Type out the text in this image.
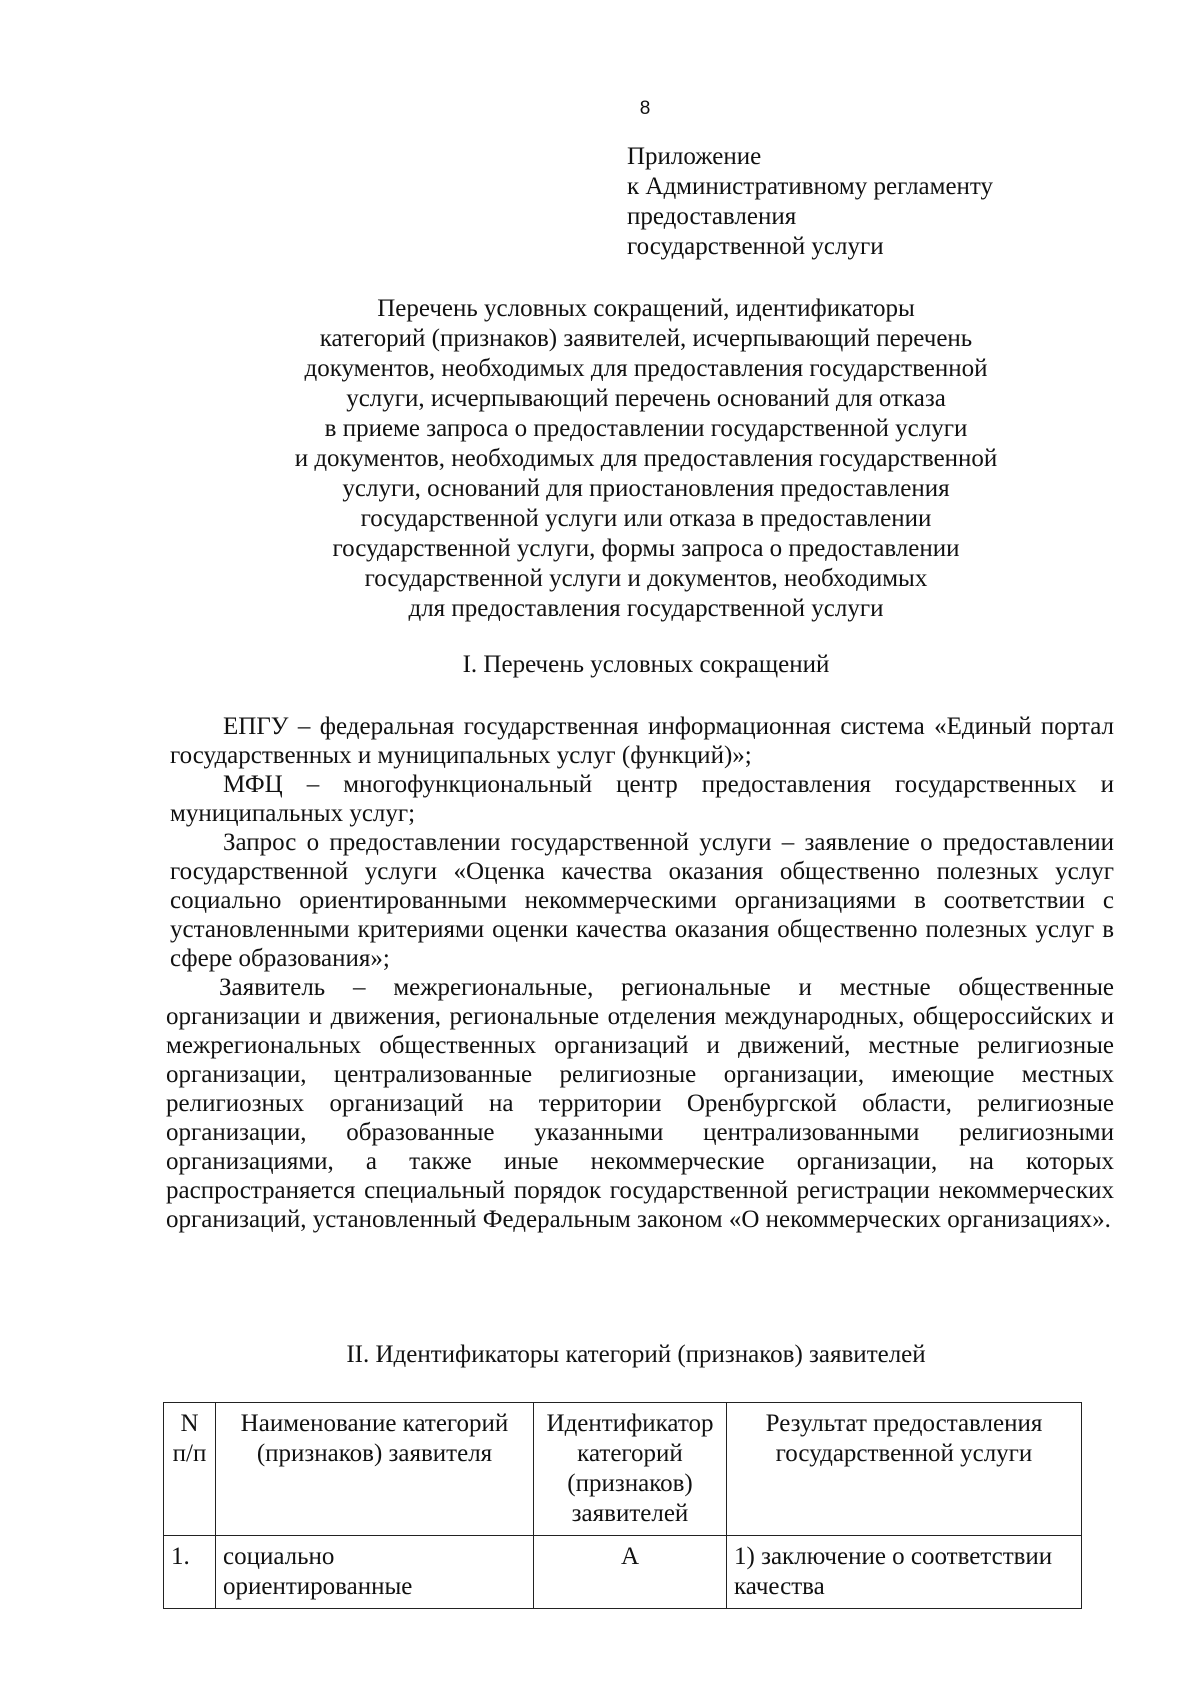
8
Приложение
к Административному регламенту
предоставления
государственной услуги
Перечень условных сокращений, идентификаторы
категорий (признаков) заявителей, исчерпывающий перечень
документов, необходимых для предоставления государственной
услуги, исчерпывающий перечень оснований для отказа
в приеме запроса о предоставлении государственной услуги
и документов, необходимых для предоставления государственной
услуги, оснований для приостановления предоставления
государственной услуги или отказа в предоставлении
государственной услуги, формы запроса о предоставлении
государственной услуги и документов, необходимых
для предоставления государственной услуги
I. Перечень условных сокращений

ЕПГУ – федеральная государственная информационная система «Единый портал государственных и муниципальных услуг (функций)»;

МФЦ – многофункциональный центр предоставления государственных и муниципальных услуг;

Запрос о предоставлении государственной услуги – заявление о предоставлении государственной услуги «Оценка качества оказания общественно полезных услуг социально ориентированными некоммерческими организациями в соответствии с установленными критериями оценки качества оказания общественно полезных услуг в сфере образования»;

Заявитель – межрегиональные, региональные и местные общественные организации и движения, региональные отделения международных, общероссийских и межрегиональных общественных организаций и движений, местные религиозные организации, централизованные религиозные организации, имеющие местных религиозных организаций на территории Оренбургской области, религиозные организации, образованные указанными централизованными религиозными организациями, а также иные некоммерческие организации, на которых распространяется специальный порядок государственной регистрации некоммерческих организаций, установленный Федеральным законом «О некоммерческих организациях».

II. Идентификаторы категорий (признаков) заявителей
N п/п	Наименование категорий (признаков) заявителя	Идентификатор категорий (признаков) заявителей	Результат предоставления государственной услуги
1.	социально ориентированные	А	1) заключение о соответствии качества
